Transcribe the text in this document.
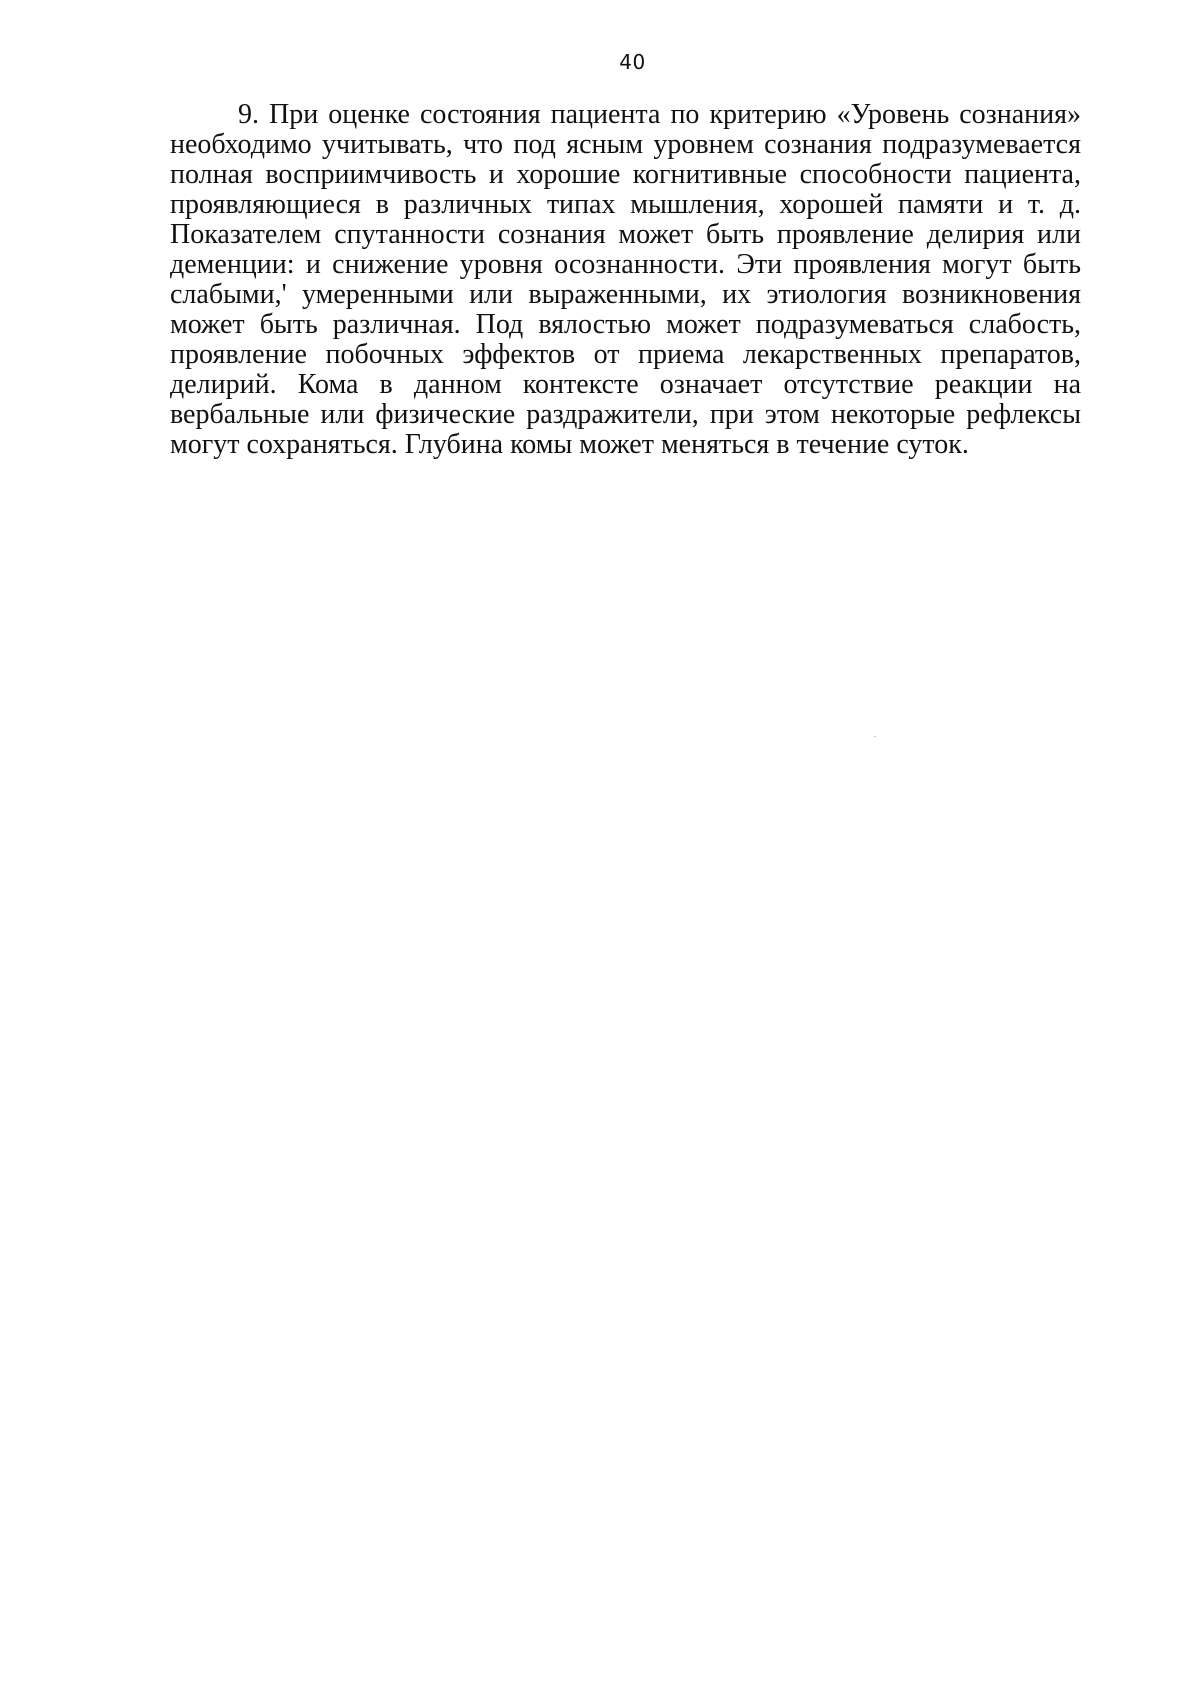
40

9. При оценке состояния пациента по критерию «Уровень сознания»
необходимо учитывать, что под ясным уровнем сознания подразумевается
полная восприимчивость и хорошие когнитивные способности пациента,
проявляющиеся в различных типах мышления, хорошей памяти и т. д.
Показателем спутанности сознания может быть проявление делирия или
деменции: и снижение уровня осознанности. Эти проявления могут быть
слабыми,' умеренными или выраженными, их этиология возникновения
может быть различная. Под вялостью может подразумеваться слабость,
проявление побочных эффектов от приема лекарственных препаратов,
делирий. Кома в данном контексте означает отсутствие реакции на
вербальные или физические раздражители, при этом некоторые рефлексы
могут сохраняться. Глубина комы может меняться в течение суток.
